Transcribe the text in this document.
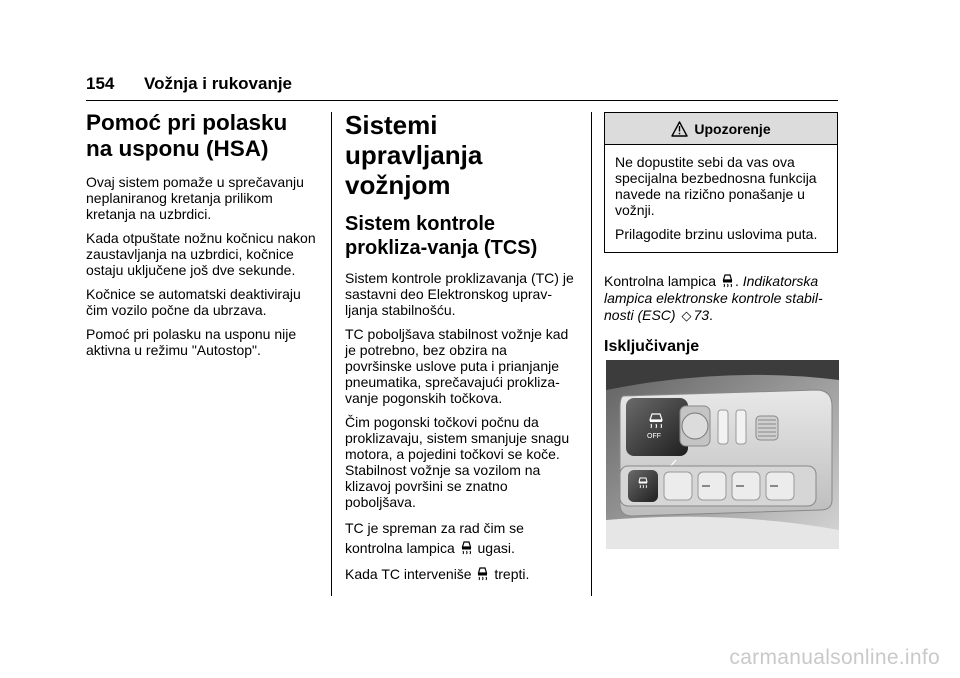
154 Vožnja i rukovanje
Pomoć pri polasku na usponu (HSA)

Ovaj sistem pomaže u sprečavanju neplaniranog kretanja prilikom kretanja na uzbrdici.

Kada otpuštate nožnu kočnicu nakon zaustavljanja na uzbrdici, kočnice ostaju uključene još dve sekunde.

Kočnice se automatski deaktiviraju čim vozilo počne da ubrzava.

Pomoć pri polasku na usponu nije aktivna u režimu "Autostop".

Sistemi upravljanja vožnjom
Sistem kontrole prokliza-vanja (TCS)

Sistem kontrole proklizavanja (TC) je sastavni deo Elektronskog uprav-ljanja stabilnošću.

TC poboljšava stabilnost vožnje kad je potrebno, bez obzira na površinske uslove puta i prianjanje pneumatika, sprečavajući prokliza-vanje pogonskih točkova.

Čim pogonski točkovi počnu da proklizavaju, sistem smanjuje snagu motora, a pojedini točkovi se koče. Stabilnost vožnje sa vozilom na klizavoj površini se znatno poboljšava.

TC je spreman za rad čim se kontrolna lampica ugasi.

Kada TC interveniše trepti.

Upozorenje

Ne dopustite sebi da vas ova specijalna bezbednosna funkcija navede na rizično ponašanje u vožnji.

Prilagodite brzinu uslovima puta.

Kontrolna lampica . Indikatorska lampica elektronske kontrole stabil-nosti (ESC) ◇ 73.

Isključivanje
OFF
carmanualsonline.info
